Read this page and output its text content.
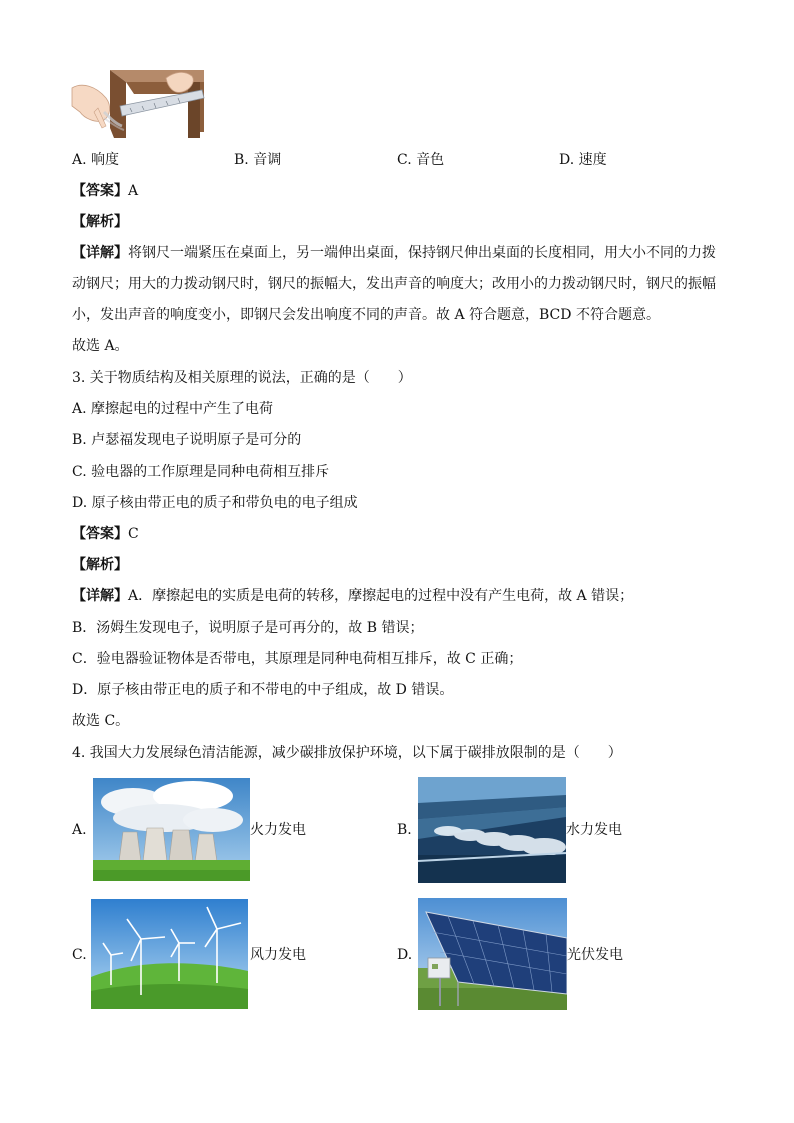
A. 响度	B. 音调	C. 音色	D. 速度
【答案】A
【解析】
【详解】将钢尺一端紧压在桌面上，另一端伸出桌面，保持钢尺伸出桌面的长度相同，用大小不同的力拨
动钢尺；用大的力拨动钢尺时，钢尺的振幅大，发出声音的响度大；改用小的力拨动钢尺时，钢尺的振幅
小，发出声音的响度变小，即钢尺会发出响度不同的声音。故 A 符合题意，BCD 不符合题意。
故选 A。
3. 关于物质结构及相关原理的说法，正确的是（　　）
A. 摩擦起电的过程中产生了电荷
B. 卢瑟福发现电子说明原子是可分的
C. 验电器的工作原理是同种电荷相互排斥
D. 原子核由带正电的质子和带负电的电子组成
【答案】C
【解析】
【详解】A．摩擦起电的实质是电荷的转移，摩擦起电的过程中没有产生电荷，故 A 错误；
B．汤姆生发现电子，说明原子是可再分的，故 B 错误；
C．验电器验证物体是否带电，其原理是同种电荷相互排斥，故 C 正确；
D．原子核由带正电的质子和不带电的中子组成，故 D 错误。
故选 C。
4. 我国大力发展绿色清洁能源，减少碳排放保护环境，以下属于碳排放限制的是（　　）
A.	火力发电	B.	水力发电
C.	风力发电	D.	光伏发电
